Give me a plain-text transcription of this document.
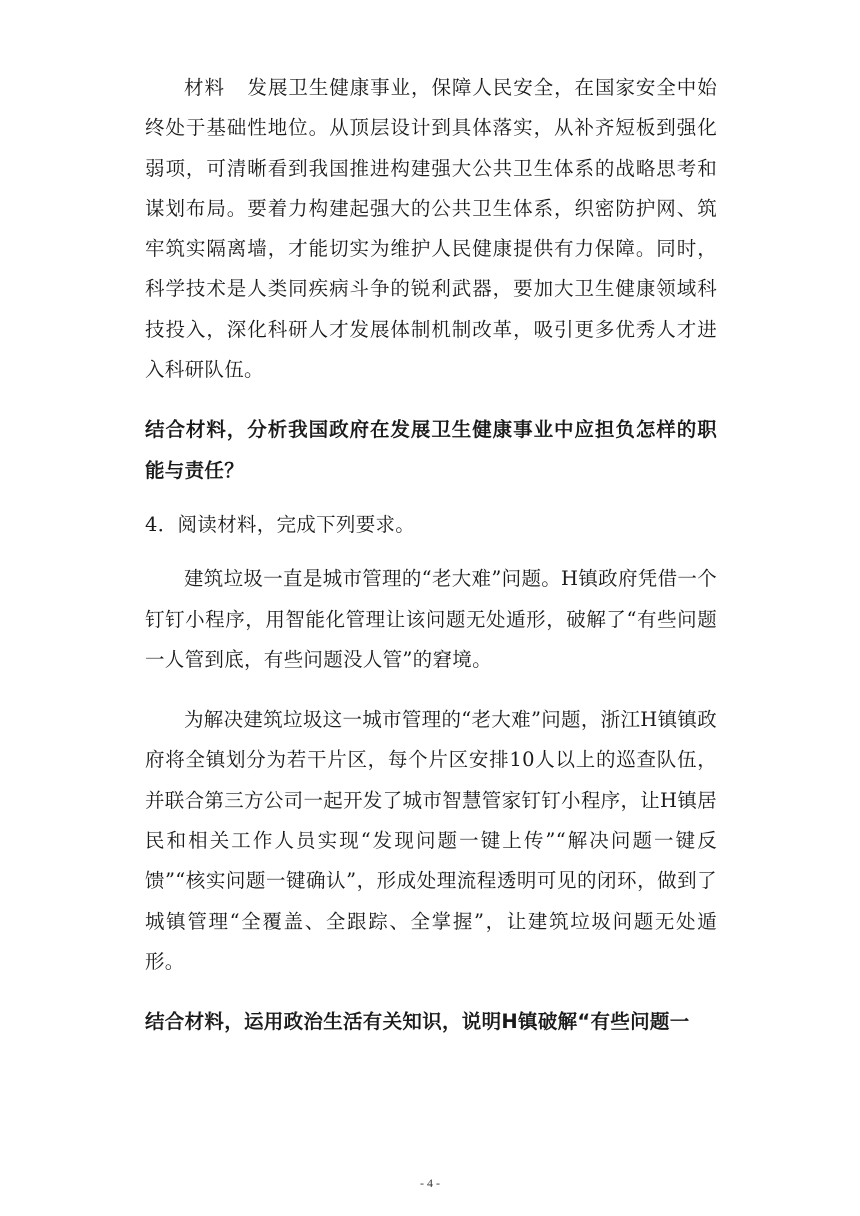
材料 发展卫生健康事业，保障人民安全，在国家安全中始终处于基础性地位。从顶层设计到具体落实，从补齐短板到强化弱项，可清晰看到我国推进构建强大公共卫生体系的战略思考和谋划布局。要着力构建起强大的公共卫生体系，织密防护网、筑牢筑实隔离墙，才能切实为维护人民健康提供有力保障。同时，科学技术是人类同疾病斗争的锐利武器，要加大卫生健康领域科技投入，深化科研人才发展体制机制改革，吸引更多优秀人才进入科研队伍。

结合材料，分析我国政府在发展卫生健康事业中应担负怎样的职能与责任？

4．阅读材料，完成下列要求。

建筑垃圾一直是城市管理的“老大难”问题。H镇政府凭借一个钉钉小程序，用智能化管理让该问题无处遁形，破解了“有些问题一人管到底，有些问题没人管”的窘境。

为解决建筑垃圾这一城市管理的“老大难”问题，浙江H镇镇政府将全镇划分为若干片区，每个片区安排10人以上的巡查队伍，并联合第三方公司一起开发了城市智慧管家钉钉小程序，让H镇居民和相关工作人员实现“发现问题一键上传”“解决问题一键反馈”“核实问题一键确认”，形成处理流程透明可见的闭环，做到了城镇管理“全覆盖、全跟踪、全掌握”，让建筑垃圾问题无处遁形。

结合材料，运用政治生活有关知识，说明H镇破解“有些问题一

- 4 -
